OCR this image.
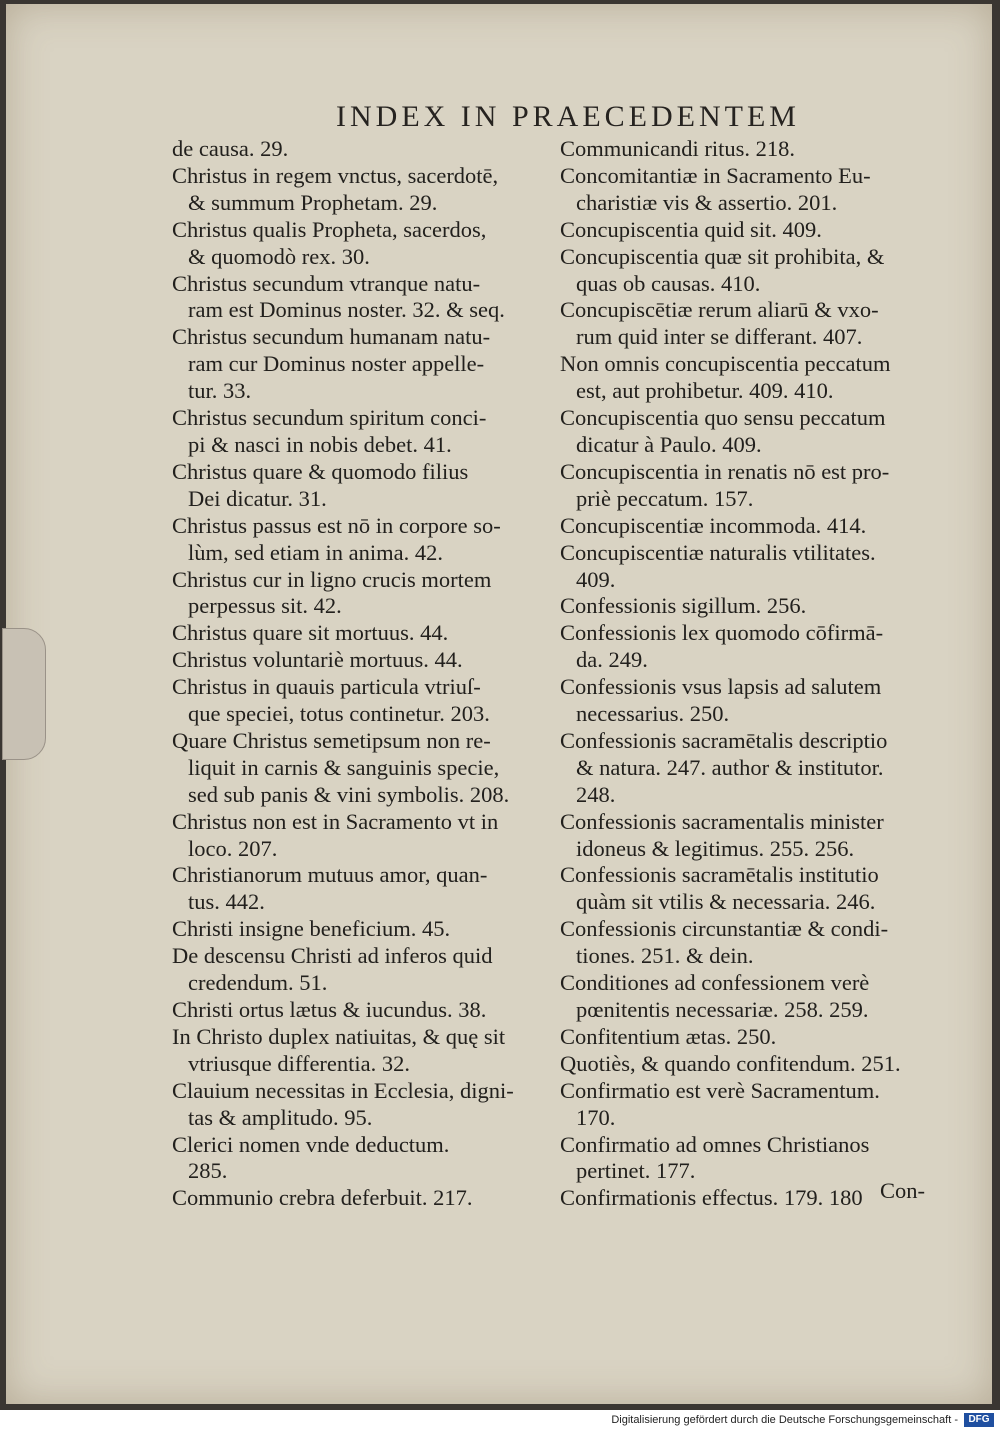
INDEX IN PRAECEDENTEM
de causa. 29.
Christus in regem vnctus, sacerdotē,
& summum Prophetam. 29.
Christus qualis Propheta, sacerdos,
& quomodò rex. 30.
Christus secundum vtranque natu-
ram est Dominus noster. 32. & seq.
Christus secundum humanam natu-
ram cur Dominus noster appelle-
tur. 33.
Christus secundum spiritum conci-
pi & nasci in nobis debet. 41.
Christus quare & quomodo filius
Dei dicatur. 31.
Christus passus est nō in corpore so-
lùm, sed etiam in anima. 42.
Christus cur in ligno crucis mortem
perpessus sit. 42.
Christus quare sit mortuus. 44.
Christus voluntariè mortuus. 44.
Christus in quauis particula vtriuſ-
que speciei, totus continetur. 203.
Quare Christus semetipsum non re-
liquit in carnis & sanguinis specie,
sed sub panis & vini symbolis. 208.
Christus non est in Sacramento vt in
loco. 207.
Christianorum mutuus amor, quan-
tus. 442.
Christi insigne beneficium. 45.
De descensu Christi ad inferos quid
credendum. 51.
Christi ortus lætus & iucundus. 38.
In Christo duplex natiuitas, & quę sit
vtriusque differentia. 32.
Clauium necessitas in Ecclesia, digni-
tas & amplitudo. 95.
Clerici nomen vnde deductum.
285.
Communio crebra deferbuit. 217.
Communicandi ritus. 218.
Concomitantiæ in Sacramento Eu-
charistiæ vis & assertio. 201.
Concupiscentia quid sit. 409.
Concupiscentia quæ sit prohibita, &
quas ob causas. 410.
Concupiscētiæ rerum aliarū & vxo-
rum quid inter se differant. 407.
Non omnis concupiscentia peccatum
est, aut prohibetur. 409. 410.
Concupiscentia quo sensu peccatum
dicatur à Paulo. 409.
Concupiscentia in renatis nō est pro-
priè peccatum. 157.
Concupiscentiæ incommoda. 414.
Concupiscentiæ naturalis vtilitates.
409.
Confessionis sigillum. 256.
Confessionis lex quomodo cōfirmā-
da. 249.
Confessionis vsus lapsis ad salutem
necessarius. 250.
Confessionis sacramētalis descriptio
& natura. 247. author & institutor.
248.
Confessionis sacramentalis minister
idoneus & legitimus. 255. 256.
Confessionis sacramētalis institutio
quàm sit vtilis & necessaria. 246.
Confessionis circunstantiæ & condi-
tiones. 251. & dein.
Conditiones ad confessionem verè
pœnitentis necessariæ. 258. 259.
Confitentium ætas. 250.
Quotiès, & quando confitendum. 251.
Confirmatio est verè Sacramentum.
170.
Confirmatio ad omnes Christianos
pertinet. 177.
Confirmationis effectus. 179. 180 Con-
Digitalisierung gefördert durch die Deutsche Forschungsgemeinschaft -	DFG
